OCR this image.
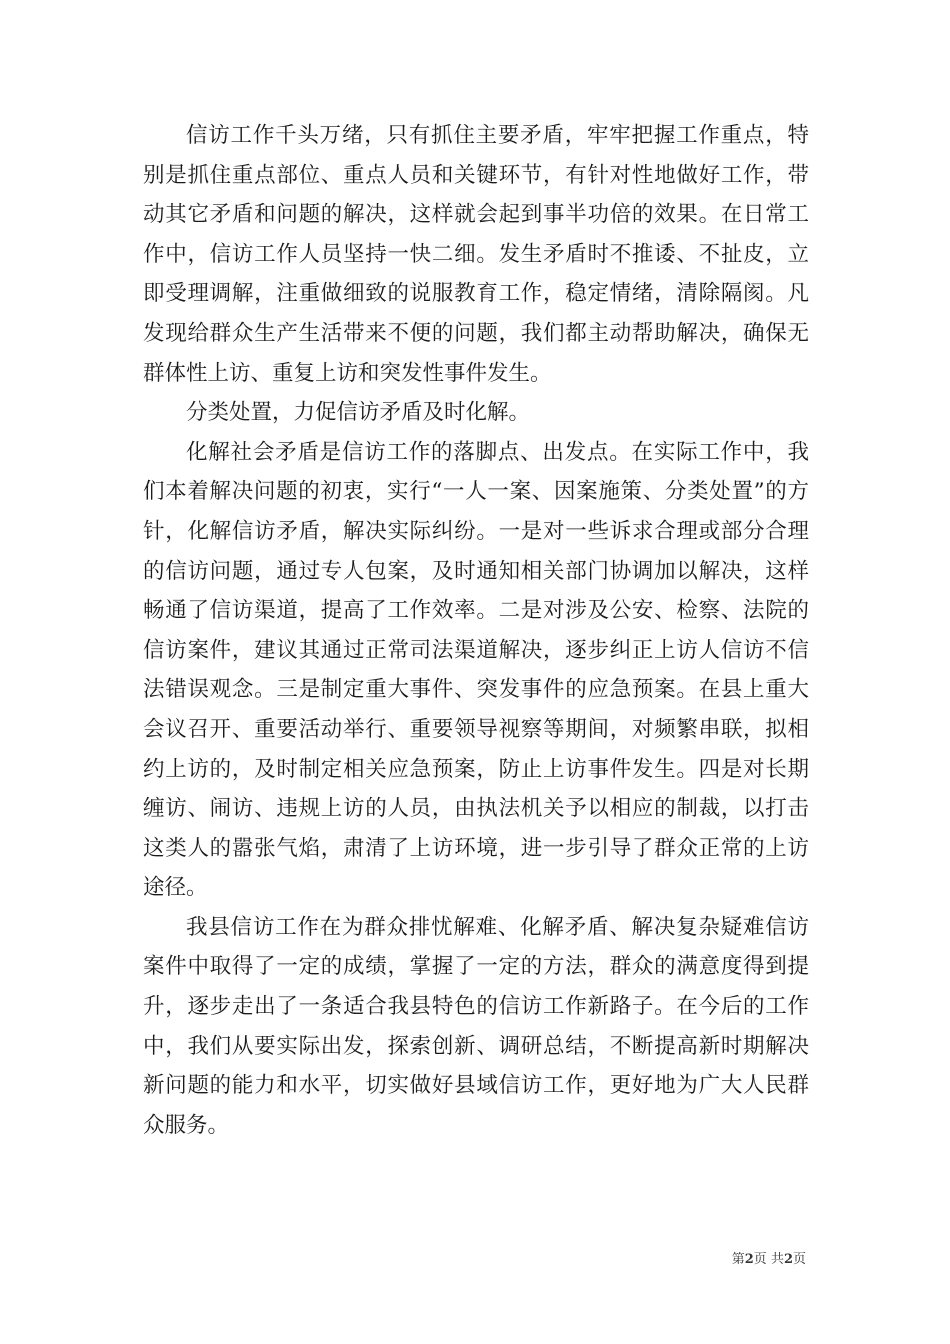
信访工作千头万绪，只有抓住主要矛盾，牢牢把握工作重点，特别是抓住重点部位、重点人员和关键环节，有针对性地做好工作，带动其它矛盾和问题的解决，这样就会起到事半功倍的效果。在日常工作中，信访工作人员坚持一快二细。发生矛盾时不推诿、不扯皮，立即受理调解，注重做细致的说服教育工作，稳定情绪，清除隔阂。凡发现给群众生产生活带来不便的问题，我们都主动帮助解决，确保无群体性上访、重复上访和突发性事件发生。

分类处置，力促信访矛盾及时化解。

化解社会矛盾是信访工作的落脚点、出发点。在实际工作中，我们本着解决问题的初衷，实行“一人一案、因案施策、分类处置”的方针，化解信访矛盾，解决实际纠纷。一是对一些诉求合理或部分合理的信访问题，通过专人包案，及时通知相关部门协调加以解决，这样畅通了信访渠道，提高了工作效率。二是对涉及公安、检察、法院的信访案件，建议其通过正常司法渠道解决，逐步纠正上访人信访不信法错误观念。三是制定重大事件、突发事件的应急预案。在县上重大会议召开、重要活动举行、重要领导视察等期间，对频繁串联，拟相约上访的，及时制定相关应急预案，防止上访事件发生。四是对长期缠访、闹访、违规上访的人员，由执法机关予以相应的制裁，以打击这类人的嚣张气焰，肃清了上访环境，进一步引导了群众正常的上访途径。

我县信访工作在为群众排忧解难、化解矛盾、解决复杂疑难信访案件中取得了一定的成绩，掌握了一定的方法，群众的满意度得到提升，逐步走出了一条适合我县特色的信访工作新路子。在今后的工作中，我们从要实际出发，探索创新、调研总结，不断提高新时期解决新问题的能力和水平，切实做好县域信访工作，更好地为广大人民群众服务。

第2页 共2页
